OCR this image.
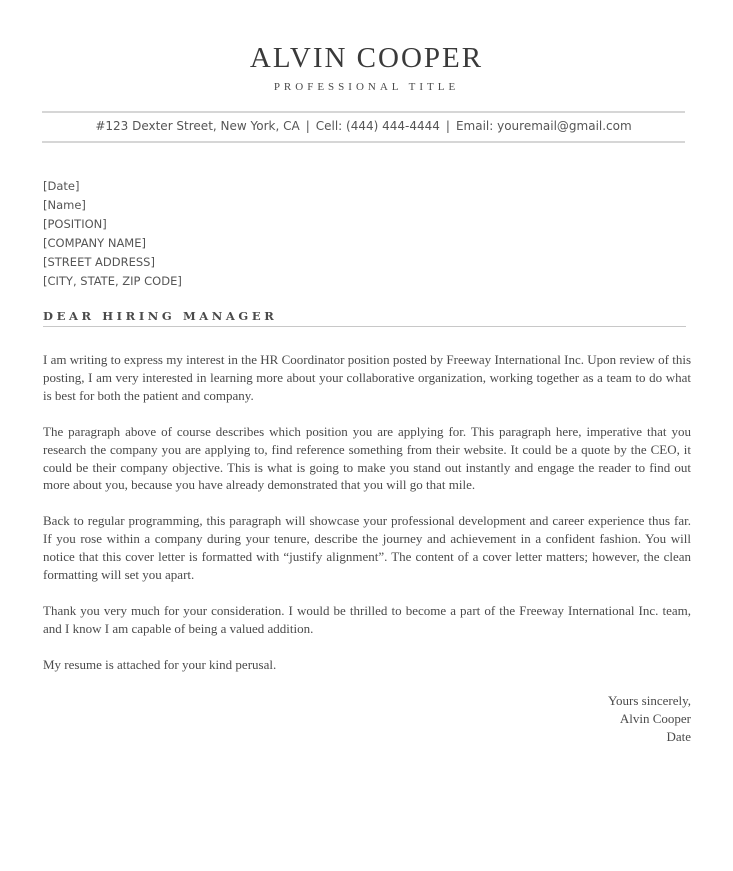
ALVIN COOPER
PROFESSIONAL TITLE
#123 Dexter Street, New York, CA | Cell: (444) 444-4444 | Email: youremail@gmail.com
[Date]
[Name]
[POSITION]
[COMPANY NAME]
[STREET ADDRESS]
[CITY, STATE, ZIP CODE]
DEAR HIRING MANAGER

I am writing to express my interest in the HR Coordinator position posted by Freeway International Inc. Upon review of this posting, I am very interested in learning more about your collaborative organization, working together as a team to do what is best for both the patient and company.

The paragraph above of course describes which position you are applying for. This paragraph here, imperative that you research the company you are applying to, find reference something from their website. It could be a quote by the CEO, it could be their company objective. This is what is going to make you stand out instantly and engage the reader to find out more about you, because you have already demonstrated that you will go that mile.

Back to regular programming, this paragraph will showcase your professional development and career experience thus far. If you rose within a company during your tenure, describe the journey and achievement in a confident fashion. You will notice that this cover letter is formatted with “justify alignment”. The content of a cover letter matters; however, the clean formatting will set you apart.

Thank you very much for your consideration. I would be thrilled to become a part of the Freeway International Inc. team, and I know I am capable of being a valued addition.

My resume is attached for your kind perusal.

Yours sincerely,
Alvin Cooper
Date
